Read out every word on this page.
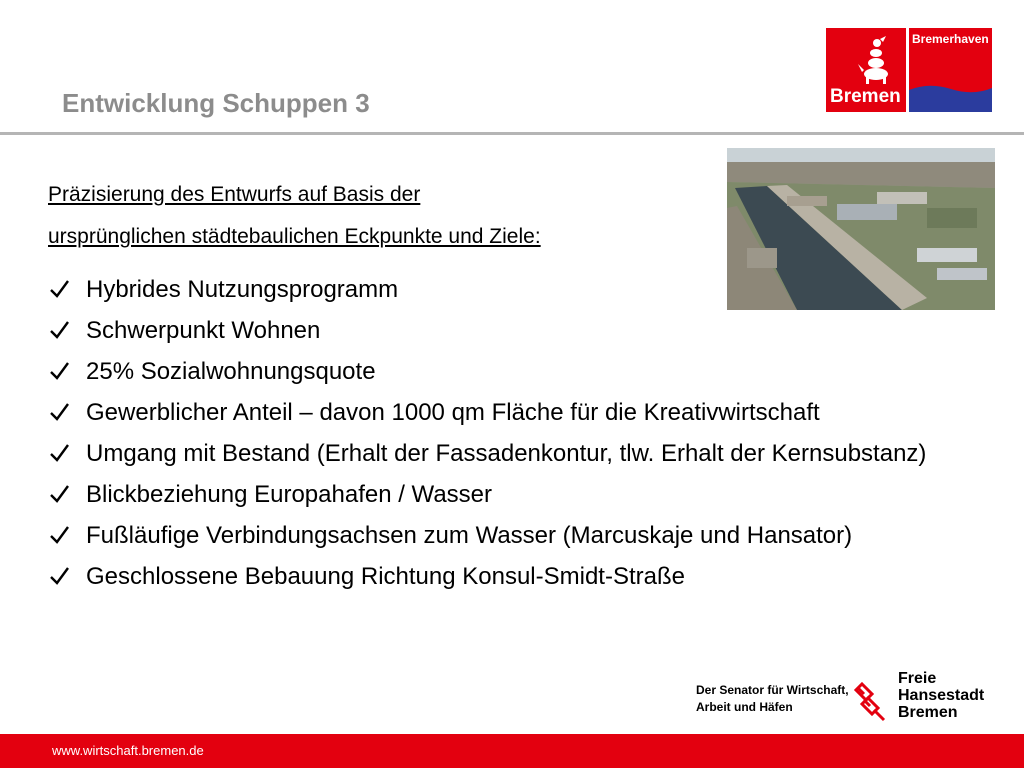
Entwicklung Schuppen 3	Bremen
Bremerhaven
Präzisierung des Entwurfs auf Basis der
ursprünglichen städtebaulichen Eckpunkte und Ziele:
Hybrides Nutzungsprogramm
Schwerpunkt Wohnen
25% Sozialwohnungsquote
Gewerblicher Anteil – davon 1000 qm Fläche für die Kreativwirtschaft
Umgang mit Bestand (Erhalt der Fassadenkontur, tlw. Erhalt der Kernsubstanz)
Blickbeziehung Europahafen / Wasser
Fußläufige Verbindungsachsen zum Wasser (Marcuskaje und Hansator)
Geschlossene Bebauung Richtung Konsul-Smidt-Straße
Der Senator für Wirtschaft,
Arbeit und Häfen
Freie
Hansestadt
Bremen
www.wirtschaft.bremen.de
